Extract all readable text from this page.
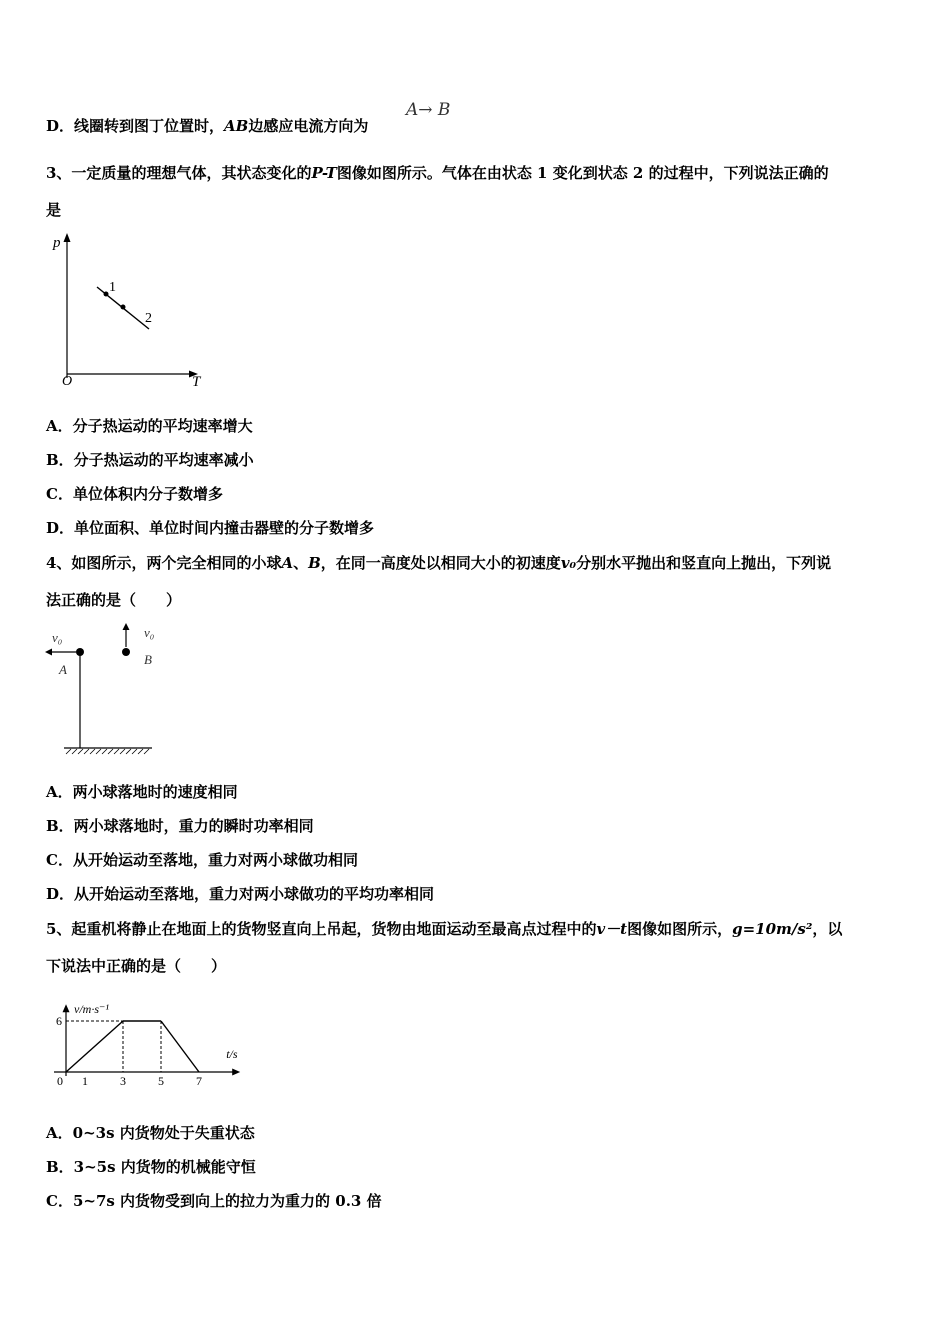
D．线圈转到图丁位置时，AB边感应电流方向为
A→ B
3、一定质量的理想气体，其状态变化的P-T图像如图所示。气体在由状态 1 变化到状态 2 的过程中，下列说法正确的
是
p
T
O
1
2
A．分子热运动的平均速率增大
B．分子热运动的平均速率减小
C．单位体积内分子数增多
D．单位面积、单位时间内撞击器壁的分子数增多
4、如图所示，两个完全相同的小球A、B，在同一高度处以相同大小的初速度v₀分别水平抛出和竖直向上抛出，下列说
法正确的是（　　）
v₀
A
v₀
B
A．两小球落地时的速度相同
B．两小球落地时，重力的瞬时功率相同
C．从开始运动至落地，重力对两小球做功相同
D．从开始运动至落地，重力对两小球做功的平均功率相同
5、起重机将静止在地面上的货物竖直向上吊起，货物由地面运动至最高点过程中的v－t图像如图所示，g=10m/s²，以
下说法中正确的是（　　）
v/m·s⁻¹
t/s
0 1	3	5	7
6
A．0~3s 内货物处于失重状态
B．3~5s 内货物的机械能守恒
C．5~7s 内货物受到向上的拉力为重力的 0.3 倍
